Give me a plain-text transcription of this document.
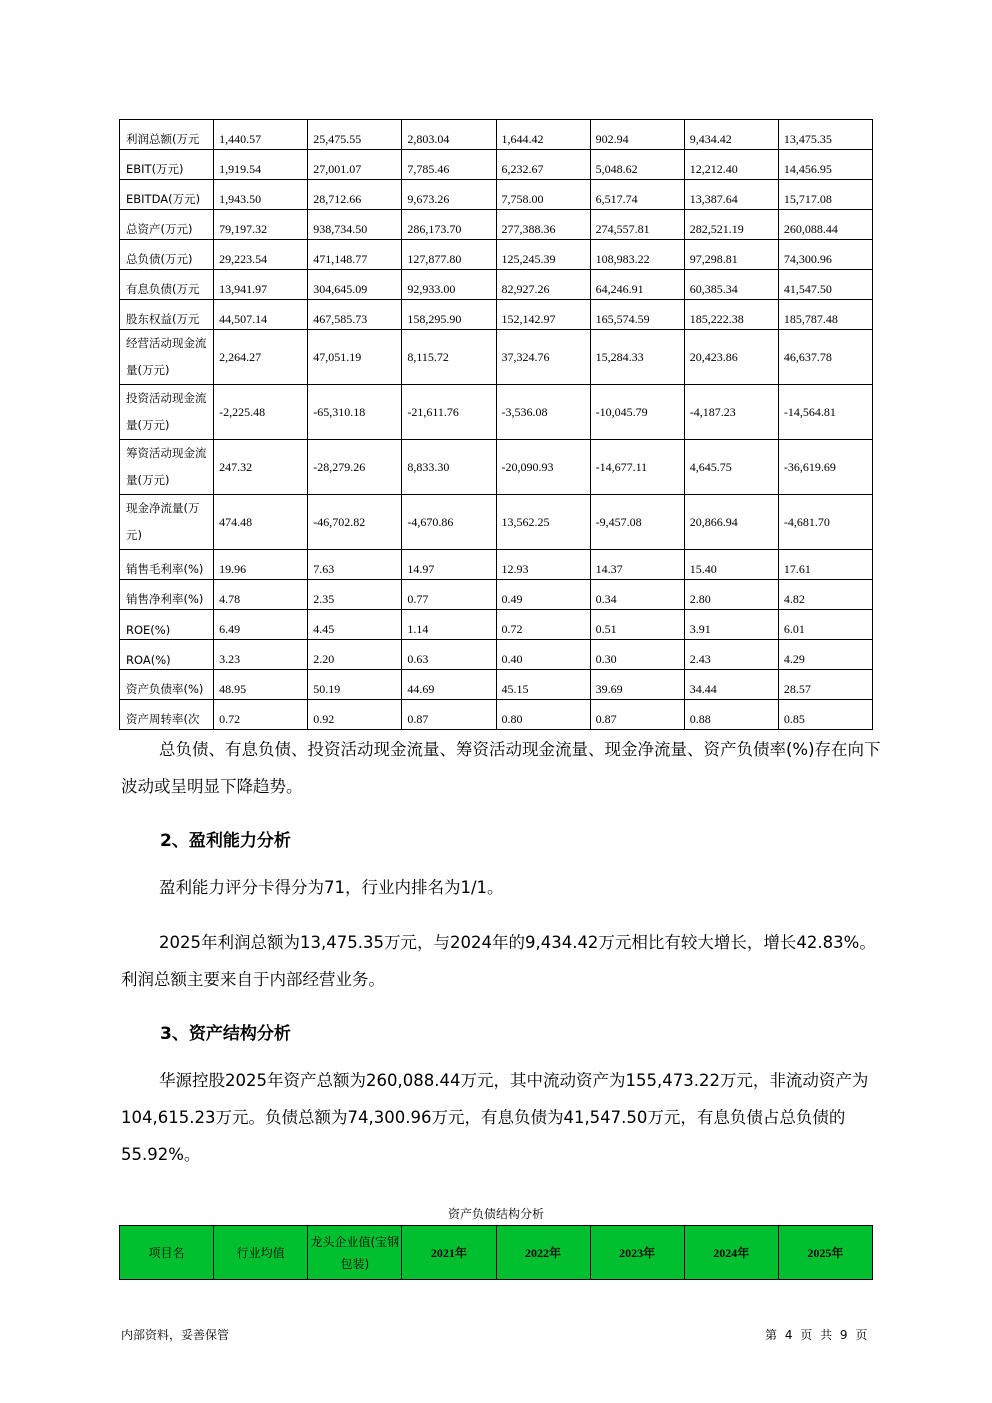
利润总额(万元	1,440.57	25,475.55	2,803.04	1,644.42	902.94	9,434.42	13,475.35
EBIT(万元)	1,919.54	27,001.07	7,785.46	6,232.67	5,048.62	12,212.40	14,456.95
EBITDA(万元)	1,943.50	28,712.66	9,673.26	7,758.00	6,517.74	13,387.64	15,717.08
总资产(万元)	79,197.32	938,734.50	286,173.70	277,388.36	274,557.81	282,521.19	260,088.44
总负债(万元)	29,223.54	471,148.77	127,877.80	125,245.39	108,983.22	97,298.81	74,300.96
有息负债(万元	13,941.97	304,645.09	92,933.00	82,927.26	64,246.91	60,385.34	41,547.50
股东权益(万元	44,507.14	467,585.73	158,295.90	152,142.97	165,574.59	185,222.38	185,787.48
经营活动现金流量(万元)	2,264.27	47,051.19	8,115.72	37,324.76	15,284.33	20,423.86	46,637.78
投资活动现金流量(万元)	-2,225.48	-65,310.18	-21,611.76	-3,536.08	-10,045.79	-4,187.23	-14,564.81
筹资活动现金流量(万元)	247.32	-28,279.26	8,833.30	-20,090.93	-14,677.11	4,645.75	-36,619.69
现金净流量(万元)	474.48	-46,702.82	-4,670.86	13,562.25	-9,457.08	20,866.94	-4,681.70
销售毛利率(%)	19.96	7.63	14.97	12.93	14.37	15.40	17.61
销售净利率(%)	4.78	2.35	0.77	0.49	0.34	2.80	4.82
ROE(%)	6.49	4.45	1.14	0.72	0.51	3.91	6.01
ROA(%)	3.23	2.20	0.63	0.40	0.30	2.43	4.29
资产负债率(%)	48.95	50.19	44.69	45.15	39.69	34.44	28.57
资产周转率(次	0.72	0.92	0.87	0.80	0.87	0.88	0.85
总负债、有息负债、投资活动现金流量、筹资活动现金流量、现金净流量、资产负债率(%)存在向下波动或呈明显下降趋势。
2、盈利能力分析
盈利能力评分卡得分为71，行业内排名为1/1。
2025年利润总额为13,475.35万元，与2024年的9,434.42万元相比有较大增长，增长42.83%。利润总额主要来自于内部经营业务。
3、资产结构分析
华源控股2025年资产总额为260,088.44万元，其中流动资产为155,473.22万元，非流动资产为104,615.23万元。负债总额为74,300.96万元，有息负债为41,547.50万元，有息负债占总负债的55.92%。
资产负债结构分析
项目名	行业均值	龙头企业值(宝钢包装)	2021年	2022年	2023年	2024年	2025年
内部资料，妥善保管	第 4 页 共 9 页
